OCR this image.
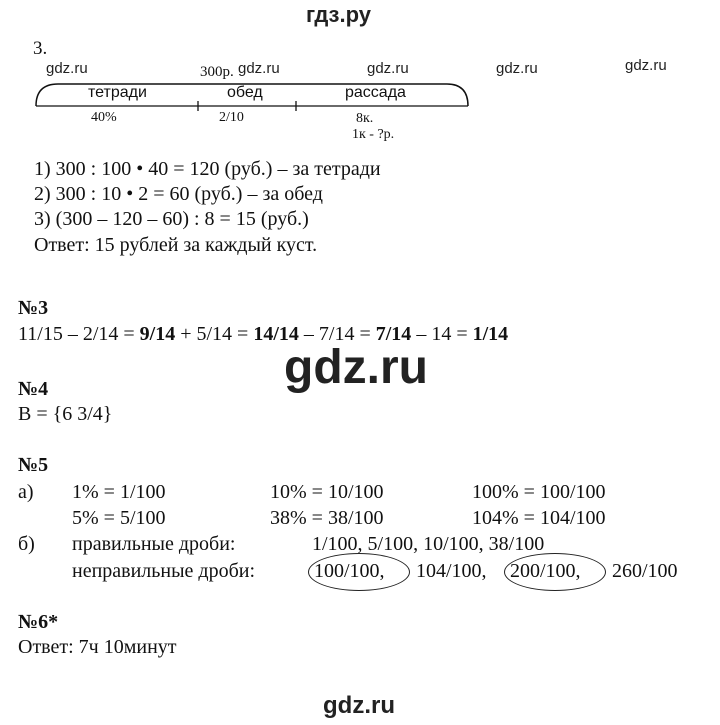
гдз.ру
3.
gdz.ru	gdz.ru	gdz.ru	gdz.ru	gdz.ru
300р.
тетради	обед	рассада
40%	2/10	8к.
1к - ?р.
1) 300 : 100 • 40 = 120 (руб.) – за тетради
2) 300 : 10 • 2 = 60 (руб.) – за обед
3) (300 – 120 – 60) : 8 = 15 (руб.)
Ответ: 15 рублей за каждый куст.
№3
11/15 – 2/14 = 9/14 + 5/14 = 14/14 – 7/14 = 7/14 – 14 = 1/14
gdz.ru
№4
B = {6 3/4}
№5
а) 1% = 1/100	10% = 10/100	100% = 100/100
5% = 5/100	38% = 38/100	104% = 104/100
б) правильные дроби:	1/100, 5/100, 10/100, 38/100
неправильные дроби:	100/100, 104/100, 200/100, 260/100
№6*
Ответ: 7ч 10минут
gdz.ru
